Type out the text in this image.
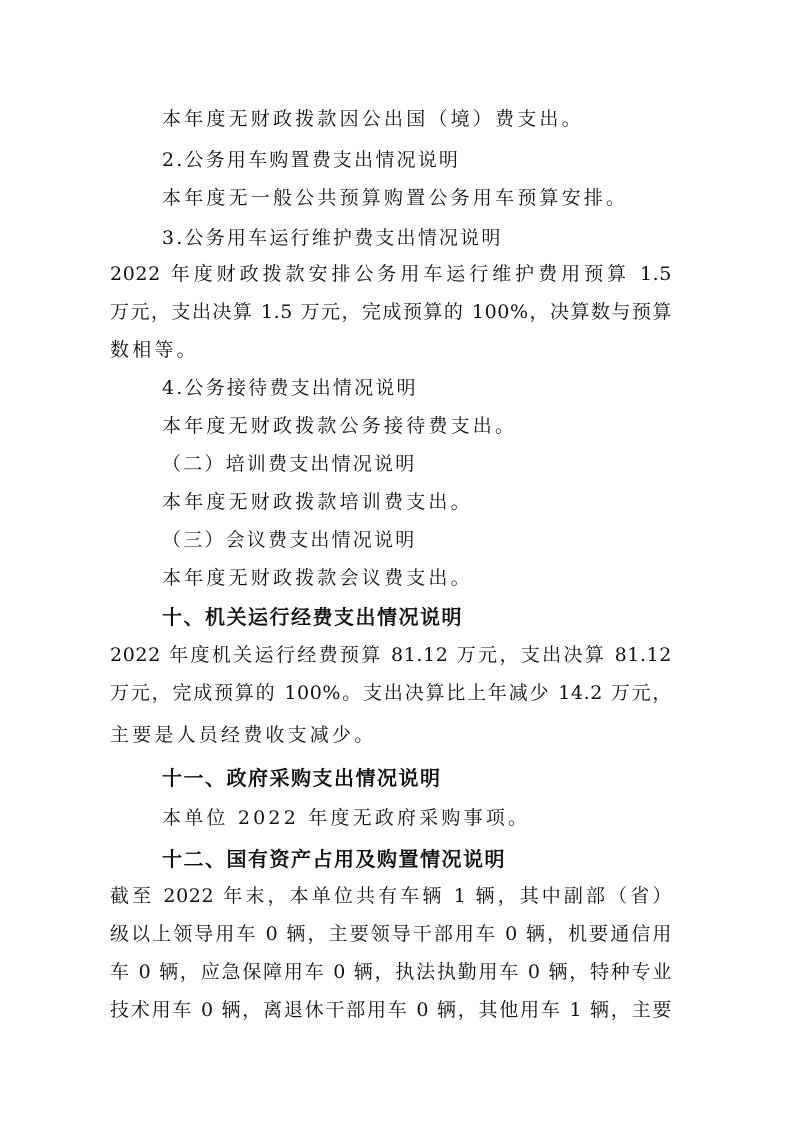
本年度无财政拨款因公出国（境）费支出。
2.公务用车购置费支出情况说明
本年度无一般公共预算购置公务用车预算安排。
3.公务用车运行维护费支出情况说明
2022 年度财政拨款安排公务用车运行维护费用预算 1.5
万元，支出决算 1.5 万元，完成预算的 100%，决算数与预算
数相等。
4.公务接待费支出情况说明
本年度无财政拨款公务接待费支出。
（二）培训费支出情况说明
本年度无财政拨款培训费支出。
（三）会议费支出情况说明
本年度无财政拨款会议费支出。
十、机关运行经费支出情况说明
2022 年度机关运行经费预算 81.12 万元，支出决算 81.12
万元，完成预算的 100%。支出决算比上年减少 14.2 万元，
主要是人员经费收支减少。
十一、政府采购支出情况说明
本单位 2022 年度无政府采购事项。
十二、国有资产占用及购置情况说明
截至 2022 年末，本单位共有车辆 1 辆，其中副部（省）
级以上领导用车 0 辆，主要领导干部用车 0 辆，机要通信用
车 0 辆，应急保障用车 0 辆，执法执勤用车 0 辆，特种专业
技术用车 0 辆，离退休干部用车 0 辆，其他用车 1 辆，主要
